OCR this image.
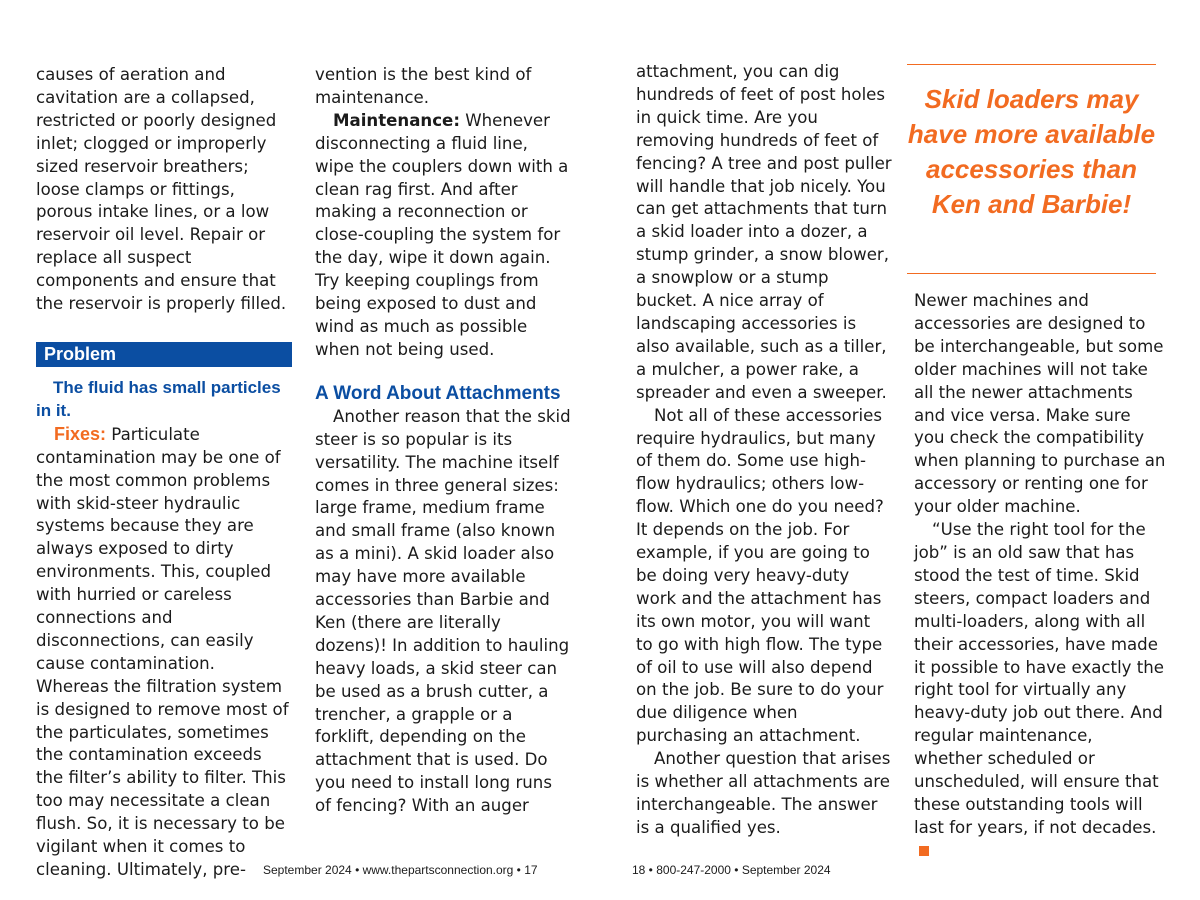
causes of aeration and cavitation are a collapsed, restricted or poorly designed inlet; clogged or improperly sized reservoir breathers; loose clamps or fittings, porous intake lines, or a low reservoir oil level. Repair or replace all suspect components and ensure that the reservoir is properly filled.

Problem

The fluid has small particles in it.

Fixes: Particulate contamination may be one of the most common problems with skid-steer hydraulic systems because they are always exposed to dirty environments. This, coupled with hurried or careless connections and disconnections, can easily cause contamination. Whereas the filtration system is designed to remove most of the particulates, sometimes the contamination exceeds the filter’s ability to filter. This too may necessitate a clean flush. So, it is necessary to be vigilant when it comes to cleaning. Ultimately, pre-

vention is the best kind of maintenance.

Maintenance: Whenever disconnecting a fluid line, wipe the couplers down with a clean rag first. And after making a reconnection or close-coupling the system for the day, wipe it down again. Try keeping couplings from being exposed to dust and wind as much as possible when not being used.

A Word About Attachments

Another reason that the skid steer is so popular is its versatility. The machine itself comes in three general sizes: large frame, medium frame and small frame (also known as a mini). A skid loader also may have more available accessories than Barbie and Ken (there are literally dozens)! In addition to hauling heavy loads, a skid steer can be used as a brush cutter, a trencher, a grapple or a forklift, depending on the attachment that is used. Do you need to install long runs of fencing? With an auger

attachment, you can dig hundreds of feet of post holes in quick time. Are you removing hundreds of feet of fencing? A tree and post puller will handle that job nicely. You can get attachments that turn a skid loader into a dozer, a stump grinder, a snow blower, a snowplow or a stump bucket. A nice array of landscaping accessories is also available, such as a tiller, a mulcher, a power rake, a spreader and even a sweeper.

Not all of these accessories require hydraulics, but many of them do. Some use high-flow hydraulics; others low-flow. Which one do you need? It depends on the job. For example, if you are going to be doing very heavy-duty work and the attachment has its own motor, you will want to go with high flow. The type of oil to use will also depend on the job. Be sure to do your due diligence when purchasing an attachment.

Another question that arises is whether all attachments are interchangeable. The answer is a qualified yes.

Skid loaders may have more available accessories than Ken and Barbie!

Newer machines and accessories are designed to be interchangeable, but some older machines will not take all the newer attachments and vice versa. Make sure you check the compatibility when planning to purchase an accessory or renting one for your older machine.

“Use the right tool for the job” is an old saw that has stood the test of time. Skid steers, compact loaders and multi-loaders, along with all their accessories, have made it possible to have exactly the right tool for virtually any heavy-duty job out there. And regular maintenance, whether scheduled or unscheduled, will ensure that these outstanding tools will last for years, if not decades.

September 2024 • www.thepartsconnection.org • 17	18 • 800-247-2000 • September 2024
